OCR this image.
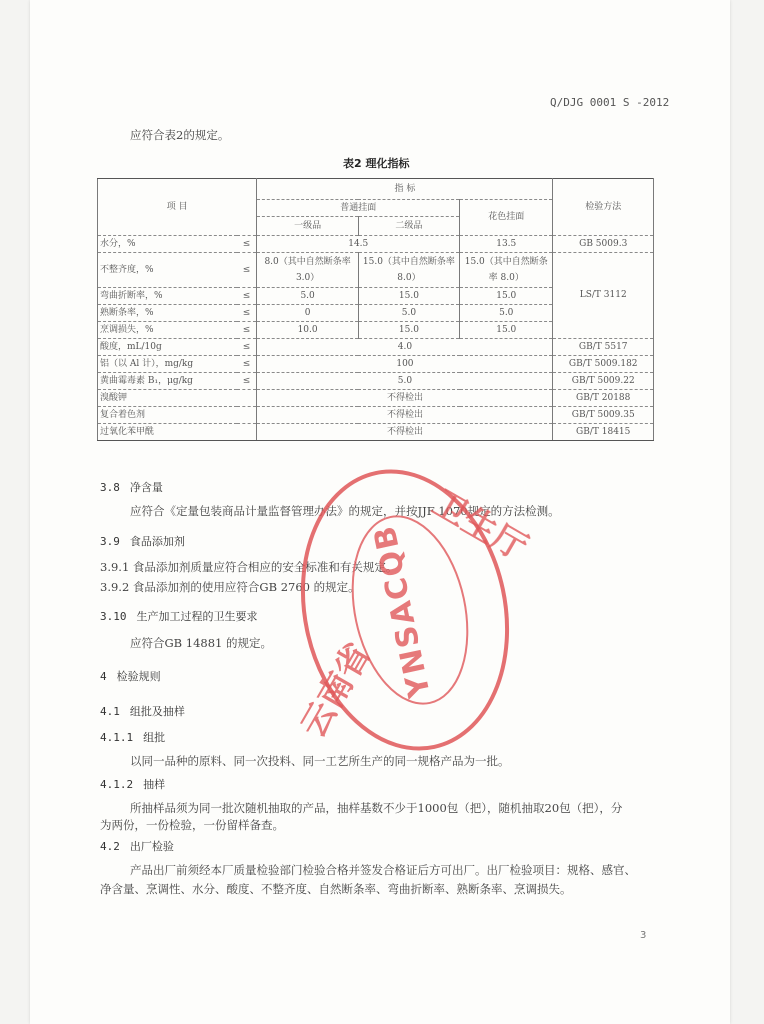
Q/DJG 0001 S -2012
应符合表2的规定。
表2 理化指标
项 目		指 标			检验方法
		普通挂面		花色挂面	
		一级品	二级品		
水分，%	≤	14.5		13.5	GB 5009.3
不整齐度，%	≤	8.0（其中自然断条率 3.0）	15.0（其中自然断条率 8.0）	15.0（其中自然断条率 8.0）	LS/T 3112
弯曲折断率，%	≤	5.0	15.0	15.0	
熟断条率，%	≤	0	5.0	5.0	
烹调损失，%	≤	10.0	15.0	15.0	
酸度，mL/10g	≤	4.0			GB/T 5517
铝（以 Al 计），mg/kg	≤	100			GB/T 5009.182
黄曲霉毒素 B₁，μg/kg	≤	5.0			GB/T 5009.22
溴酸钾		不得检出			GB/T 20188
复合着色剂		不得检出			GB/T 5009.35
过氧化苯甲酰		不得检出			GB/T 18415
3.8 净含量
应符合《定量包装商品计量监督管理办法》的规定，并按JJF 1070规定的方法检测。
3.9 食品添加剂
3.9.1 食品添加剂质量应符合相应的安全标准和有关规定。
3.9.2 食品添加剂的使用应符合GB 2760 的规定。
3.10 生产加工过程的卫生要求
应符合GB 14881 的规定。
4 检验规则
4.1 组批及抽样
4.1.1 组批
以同一品种的原料、同一次投料、同一工艺所生产的同一规格产品为一批。
4.1.2 抽样
所抽样品须为同一批次随机抽取的产品，抽样基数不少于1000包（把），随机抽取20包（把），分
为两份，一份检验，一份留样备查。
4.2 出厂检验
产品出厂前须经本厂质量检验部门检验合格并签发合格证后方可出厂。出厂检验项目：规格、感官、
净含量、烹调性、水分、酸度、不整齐度、自然断条率、弯曲折断率、熟断条率、烹调损失。
卫生厅
云南省
YNSACQB
3
